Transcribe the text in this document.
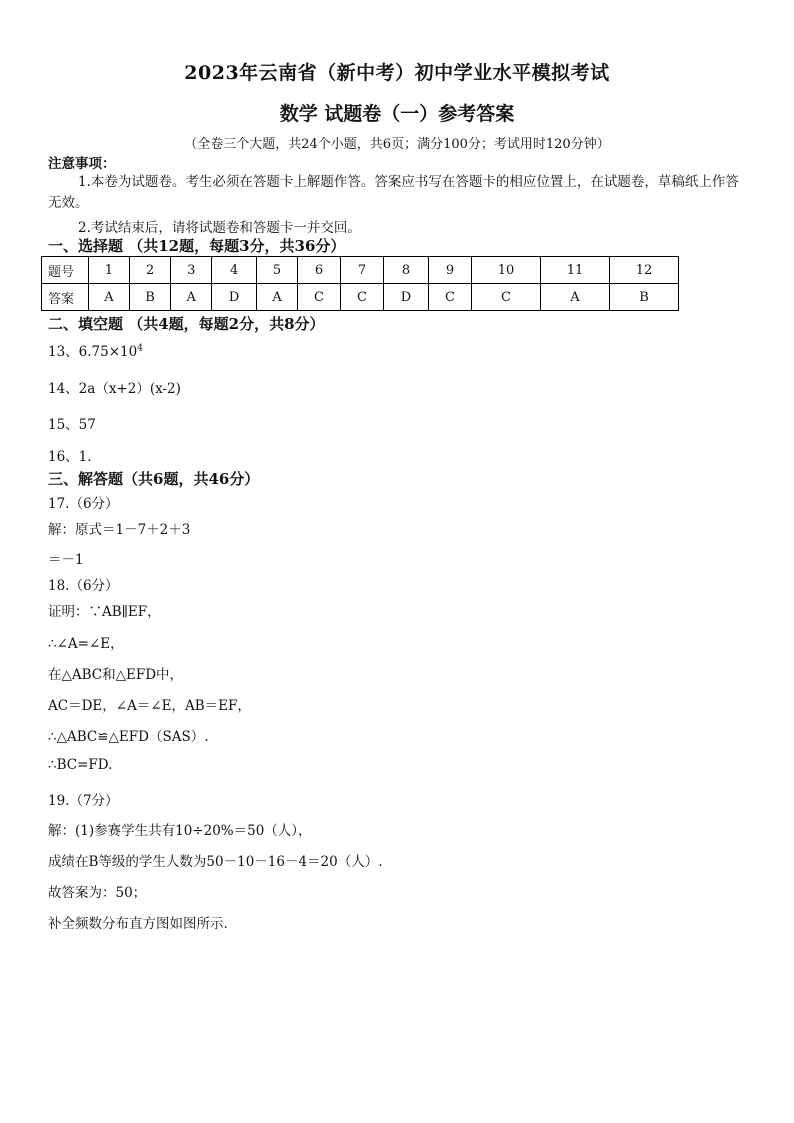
2023年云南省（新中考）初中学业水平模拟考试
数学 试题卷（一）参考答案
（全卷三个大题，共24个小题，共6页；满分100分；考试用时120分钟）
注意事项：
1.本卷为试题卷。考生必须在答题卡上解题作答。答案应书写在答题卡的相应位置上，在试题卷，草稿纸上作答无效。
2.考试结束后，请将试题卷和答题卡一并交回。
一、选择题 （共12题，每题3分，共36分）
题号	1	2	3	4	5	6	7	8	9	10	11	12
答案	A	B	A	D	A	C	C	D	C	C	A	B
二、填空题 （共4题，每题2分，共8分）
13、$6.75\times 10^4$
14、2a（x+2）(x-2)
15、57
16、1．
三、解答题（共6题，共46分）
17.（6分）
解：原式＝1－7＋2＋3
＝－1
18.（6分）
证明：∵AB∥EF，
∴∠A=∠E，
在△ABC和△EFD中，
AC＝DE，∠A＝∠E，AB＝EF，
∴△ABC≌△EFD（SAS）.
∴BC=FD.
19.（7分）
解：(1)参赛学生共有10÷20%＝50（人），
成绩在B等级的学生人数为50－10－16－4＝20（人）.
故答案为：50；
补全频数分布直方图如图所示.
